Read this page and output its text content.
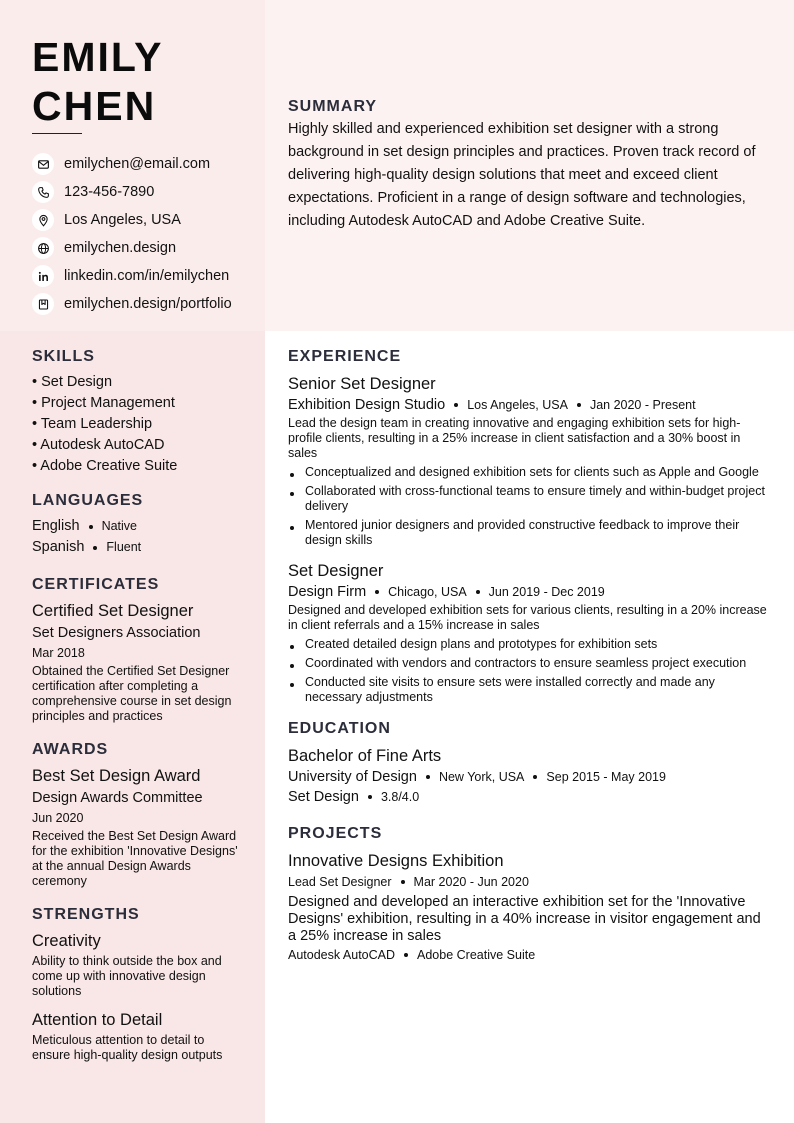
EMILY
CHEN
emilychen@email.com
123-456-7890
Los Angeles, USA
emilychen.design
linkedin.com/in/emilychen
emilychen.design/portfolio
SUMMARY

Highly skilled and experienced exhibition set designer with a strong background in set design principles and practices. Proven track record of delivering high-quality design solutions that meet and exceed client expectations. Proficient in a range of design software and technologies, including Autodesk AutoCAD and Adobe Creative Suite.

SKILLS
• Set Design
• Project Management
• Team Leadership
• Autodesk AutoCAD
• Adobe Creative Suite
LANGUAGES
English Native
Spanish Fluent
CERTIFICATES
Certified Set Designer
Set Designers Association
Mar 2018
Obtained the Certified Set Designer certification after completing a comprehensive course in set design principles and practices
AWARDS
Best Set Design Award
Design Awards Committee
Jun 2020
Received the Best Set Design Award for the exhibition 'Innovative Designs' at the annual Design Awards ceremony
STRENGTHS
Creativity
Ability to think outside the box and come up with innovative design solutions
Attention to Detail
Meticulous attention to detail to ensure high-quality design outputs
EXPERIENCE
Senior Set Designer
Exhibition Design Studio Los Angeles, USA Jan 2020 - Present
Lead the design team in creating innovative and engaging exhibition sets for high-profile clients, resulting in a 25% increase in client satisfaction and a 30% boost in sales
Conceptualized and designed exhibition sets for clients such as Apple and Google
Collaborated with cross-functional teams to ensure timely and within-budget project delivery
Mentored junior designers and provided constructive feedback to improve their design skills
Set Designer
Design Firm Chicago, USA Jun 2019 - Dec 2019
Designed and developed exhibition sets for various clients, resulting in a 20% increase in client referrals and a 15% increase in sales
Created detailed design plans and prototypes for exhibition sets
Coordinated with vendors and contractors to ensure seamless project execution
Conducted site visits to ensure sets were installed correctly and made any necessary adjustments
EDUCATION
Bachelor of Fine Arts
University of Design New York, USA Sep 2015 - May 2019
Set Design 3.8/4.0
PROJECTS
Innovative Designs Exhibition
Lead Set Designer Mar 2020 - Jun 2020
Designed and developed an interactive exhibition set for the 'Innovative Designs' exhibition, resulting in a 40% increase in visitor engagement and a 25% increase in sales
Autodesk AutoCAD Adobe Creative Suite
